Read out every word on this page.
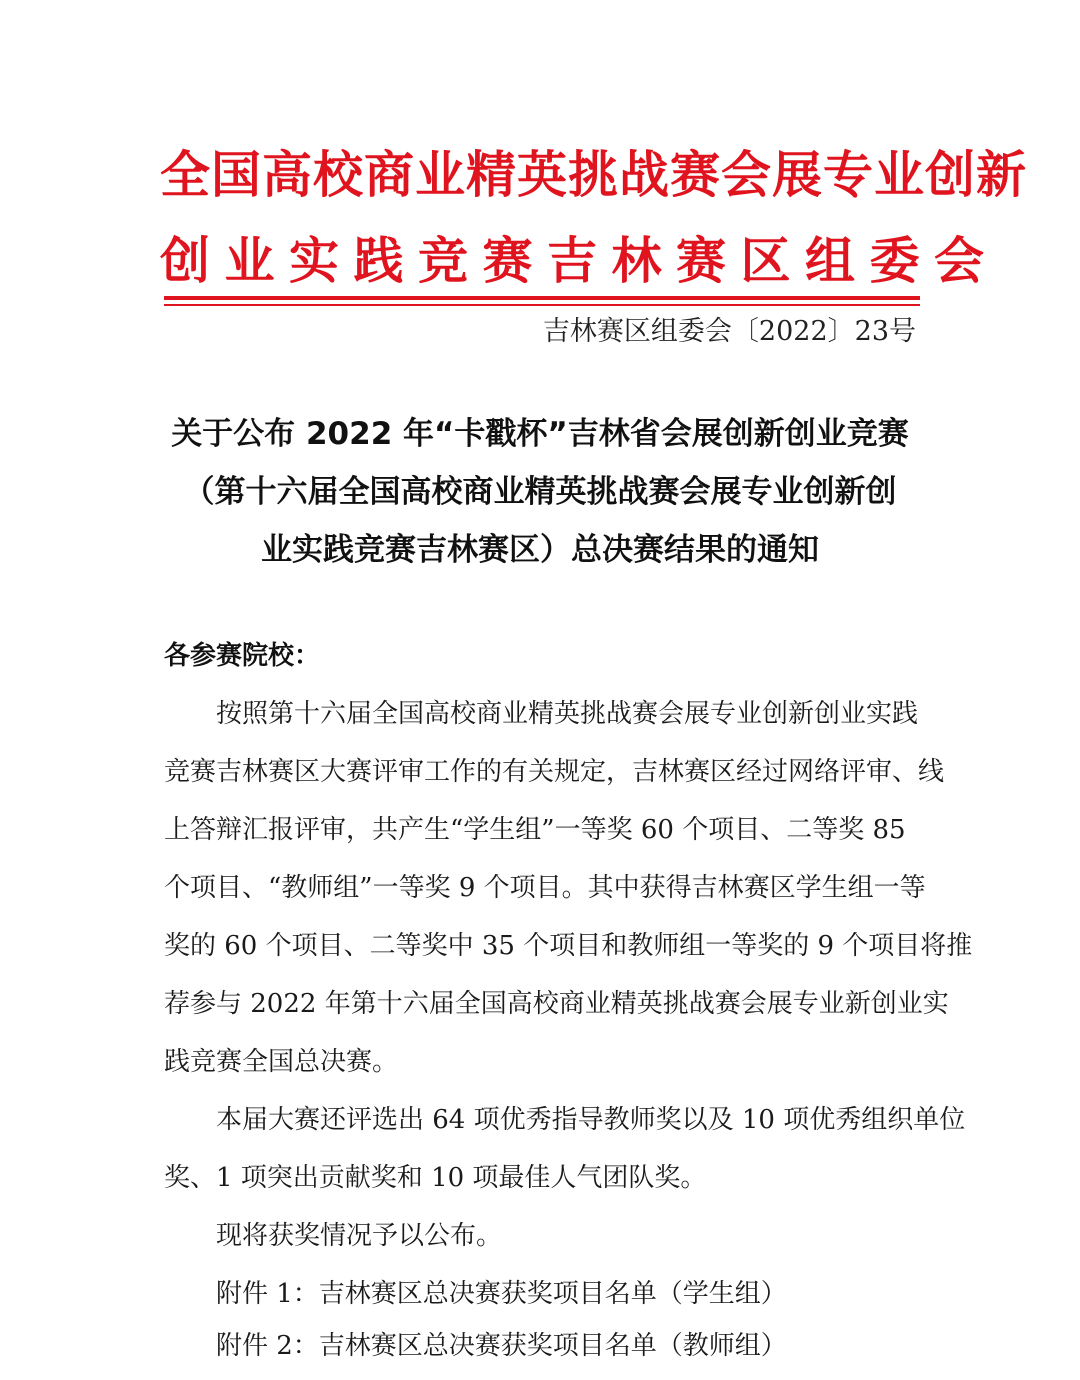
全国高校商业精英挑战赛会展专业创新
创业实践竞赛吉林赛区组委会
吉林赛区组委会〔2022〕23号
关于公布 2022 年“卡戳杯”吉林省会展创新创业竞赛
（第十六届全国高校商业精英挑战赛会展专业创新创
业实践竞赛吉林赛区）总决赛结果的通知
各参赛院校：
按照第十六届全国高校商业精英挑战赛会展专业创新创业实践
竞赛吉林赛区大赛评审工作的有关规定，吉林赛区经过网络评审、线
上答辩汇报评审，共产生“学生组”一等奖 60 个项目、二等奖 85
个项目、“教师组”一等奖 9 个项目。其中获得吉林赛区学生组一等
奖的 60 个项目、二等奖中 35 个项目和教师组一等奖的 9 个项目将推
荐参与 2022 年第十六届全国高校商业精英挑战赛会展专业新创业实
践竞赛全国总决赛。
本届大赛还评选出 64 项优秀指导教师奖以及 10 项优秀组织单位
奖、1 项突出贡献奖和 10 项最佳人气团队奖。
现将获奖情况予以公布。
附件 1：吉林赛区总决赛获奖项目名单（学生组）
附件 2：吉林赛区总决赛获奖项目名单（教师组）
